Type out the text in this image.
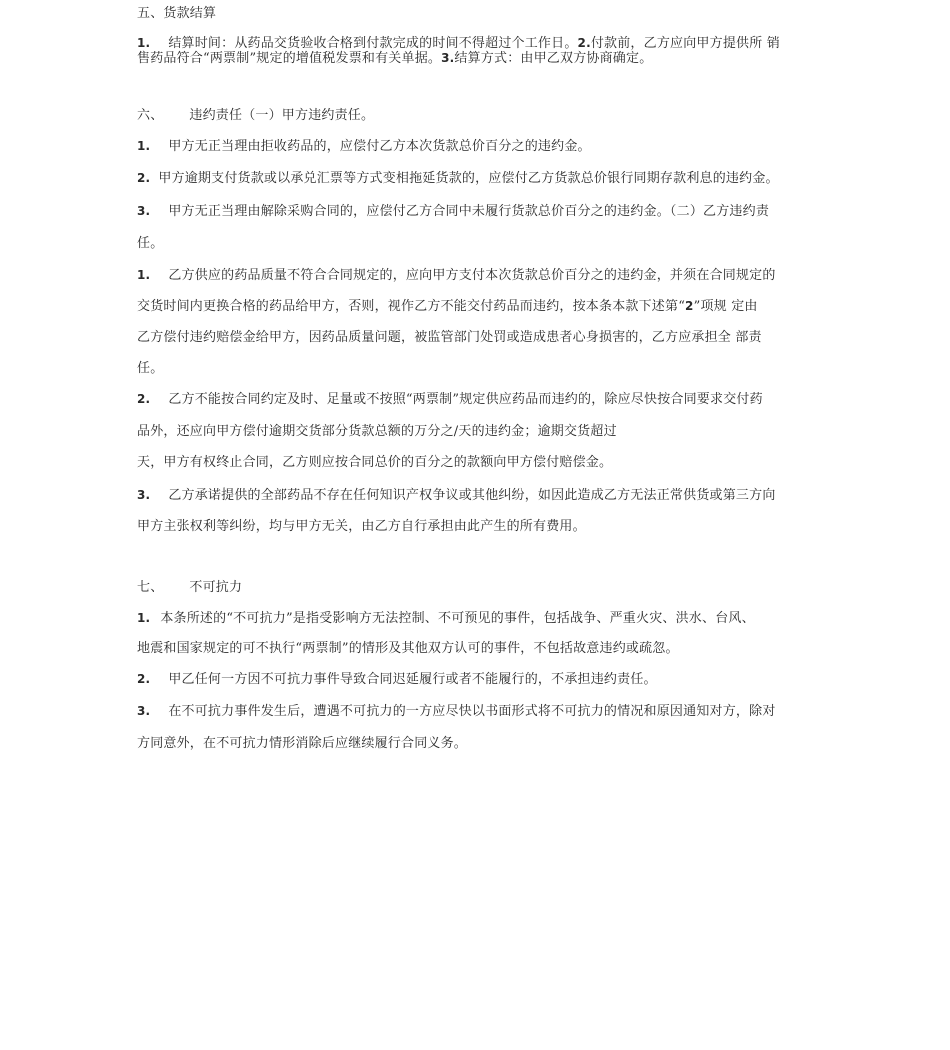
五、货款结算
1. 结算时间：从药品交货验收合格到付款完成的时间不得超过个工作日。2.付款前，乙方应向甲方提供所 销
售药品符合“两票制”规定的增值税发票和有关单据。3.结算方式：由甲乙双方协商确定。
六、 违约责任（一）甲方违约责任。
1. 甲方无正当理由拒收药品的，应偿付乙方本次货款总价百分之的违约金。
2. 甲方逾期支付货款或以承兑汇票等方式变相拖延货款的，应偿付乙方货款总价银行同期存款利息的违约金。
3. 甲方无正当理由解除采购合同的，应偿付乙方合同中未履行货款总价百分之的违约金。（二）乙方违约责
任。
1. 乙方供应的药品质量不符合合同规定的，应向甲方支付本次货款总价百分之的违约金，并须在合同规定的
交货时间内更换合格的药品给甲方，否则，视作乙方不能交付药品而违约，按本条本款下述第“2”项规 定由
乙方偿付违约赔偿金给甲方，因药品质量问题，被监管部门处罚或造成患者心身损害的，乙方应承担全 部责
任。
2. 乙方不能按合同约定及时、足量或不按照“两票制”规定供应药品而违约的，除应尽快按合同要求交付药
品外，还应向甲方偿付逾期交货部分货款总额的万分之/天的违约金；逾期交货超过
天，甲方有权终止合同，乙方则应按合同总价的百分之的款额向甲方偿付赔偿金。
3. 乙方承诺提供的全部药品不存在任何知识产权争议或其他纠纷，如因此造成乙方无法正常供货或第三方向
甲方主张权利等纠纷，均与甲方无关，由乙方自行承担由此产生的所有费用。
七、 不可抗力
1. 本条所述的“不可抗力”是指受影响方无法控制、不可预见的事件，包括战争、严重火灾、洪水、台风、
地震和国家规定的可不执行“两票制”的情形及其他双方认可的事件，不包括故意违约或疏忽。
2. 甲乙任何一方因不可抗力事件导致合同迟延履行或者不能履行的，不承担违约责任。
3. 在不可抗力事件发生后，遭遇不可抗力的一方应尽快以书面形式将不可抗力的情况和原因通知对方，除对
方同意外，在不可抗力情形消除后应继续履行合同义务。
